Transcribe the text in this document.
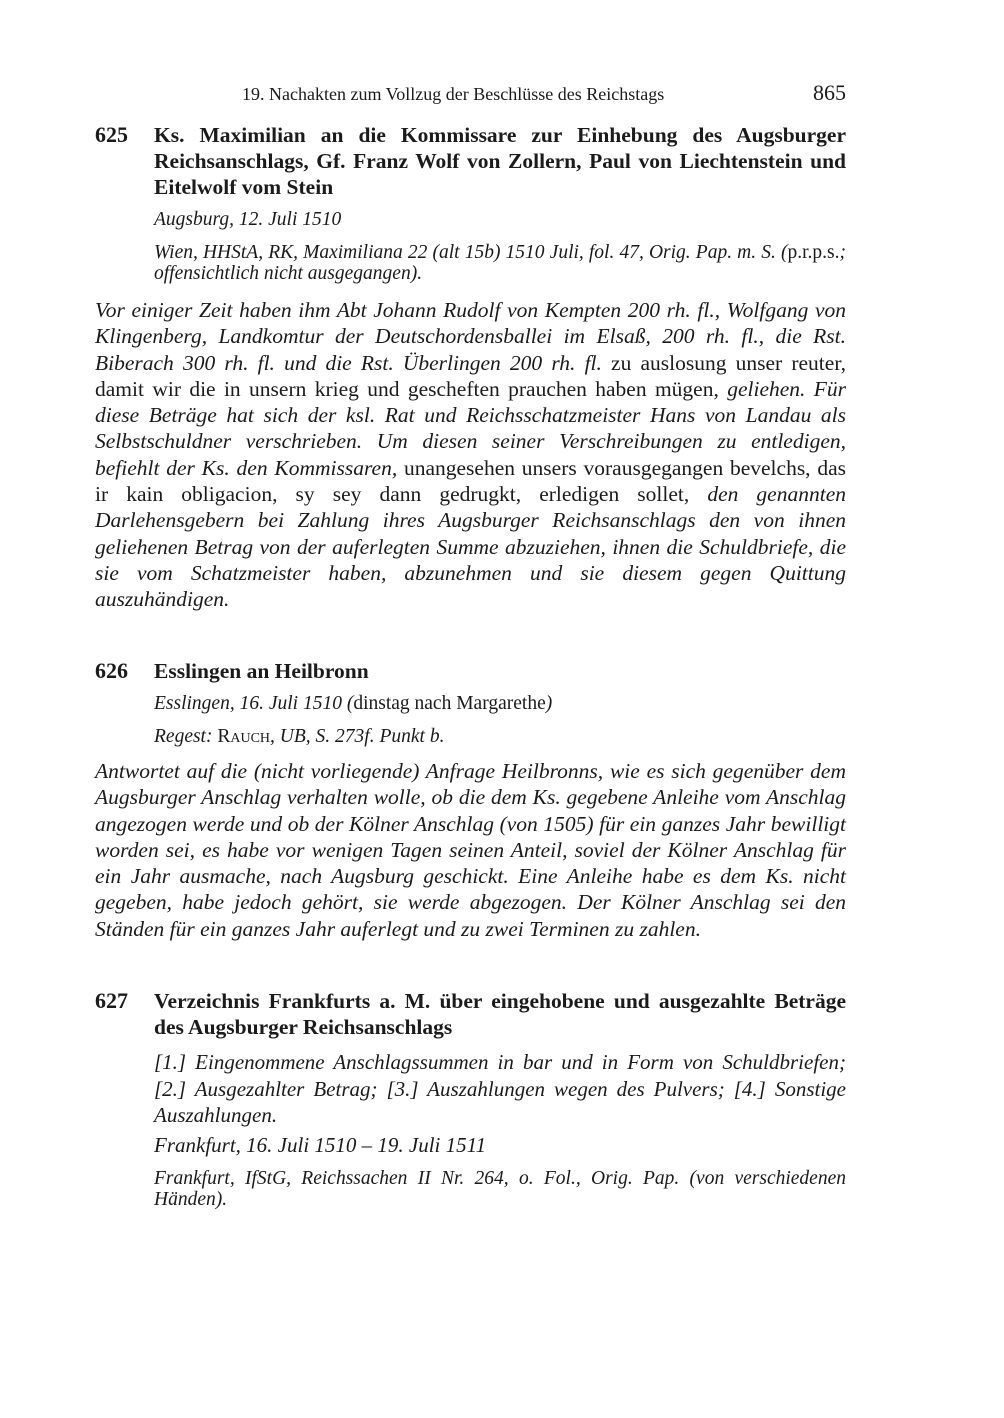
19. Nachakten zum Vollzug der Beschlüsse des Reichstags	865
625 Ks. Maximilian an die Kommissare zur Einhebung des Augsburger Reichsanschlags, Gf. Franz Wolf von Zollern, Paul von Liechtenstein und Eitelwolf vom Stein

Augsburg, 12. Juli 1510

Wien, HHStA, RK, Maximiliana 22 (alt 15b) 1510 Juli, fol. 47, Orig. Pap. m. S. (p.r.p.s.; offensichtlich nicht ausgegangen).

Vor einiger Zeit haben ihm Abt Johann Rudolf von Kempten 200 rh. fl., Wolfgang von Klingenberg, Landkomtur der Deutschordensballei im Elsaß, 200 rh. fl., die Rst. Biberach 300 rh. fl. und die Rst. Überlingen 200 rh. fl. zu auslosung unser reuter, damit wir die in unsern krieg und gescheften prauchen haben mügen, geliehen. Für diese Beträge hat sich der ksl. Rat und Reichsschatzmeister Hans von Landau als Selbstschuldner verschrieben. Um diesen seiner Verschreibungen zu entledigen, befiehlt der Ks. den Kommissaren, unangesehen unsers vorausgegangen bevelchs, das ir kain obligacion, sy sey dann gedrugkt, erledigen sollet, den genannten Darlehensgebern bei Zahlung ihres Augsburger Reichsanschlags den von ihnen geliehenen Betrag von der auferlegten Summe abzuziehen, ihnen die Schuldbriefe, die sie vom Schatzmeister haben, abzunehmen und sie diesem gegen Quittung auszuhändigen.

626 Esslingen an Heilbronn

Esslingen, 16. Juli 1510 (dinstag nach Margarethe)

Regest: Rauch, UB, S. 273f. Punkt b.

Antwortet auf die (nicht vorliegende) Anfrage Heilbronns, wie es sich gegenüber dem Augsburger Anschlag verhalten wolle, ob die dem Ks. gegebene Anleihe vom Anschlag angezogen werde und ob der Kölner Anschlag (von 1505) für ein ganzes Jahr bewilligt worden sei, es habe vor wenigen Tagen seinen Anteil, soviel der Kölner Anschlag für ein Jahr ausmache, nach Augsburg geschickt. Eine Anleihe habe es dem Ks. nicht gegeben, habe jedoch gehört, sie werde abgezogen. Der Kölner Anschlag sei den Ständen für ein ganzes Jahr auferlegt und zu zwei Terminen zu zahlen.

627 Verzeichnis Frankfurts a. M. über eingehobene und ausgezahlte Beträge des Augsburger Reichsanschlags

[1.] Eingenommene Anschlagssummen in bar und in Form von Schuldbriefen; [2.] Ausgezahlter Betrag; [3.] Auszahlungen wegen des Pulvers; [4.] Sonstige Auszahlungen.

Frankfurt, 16. Juli 1510 – 19. Juli 1511

Frankfurt, IfStG, Reichssachen II Nr. 264, o. Fol., Orig. Pap. (von verschiedenen Händen).
